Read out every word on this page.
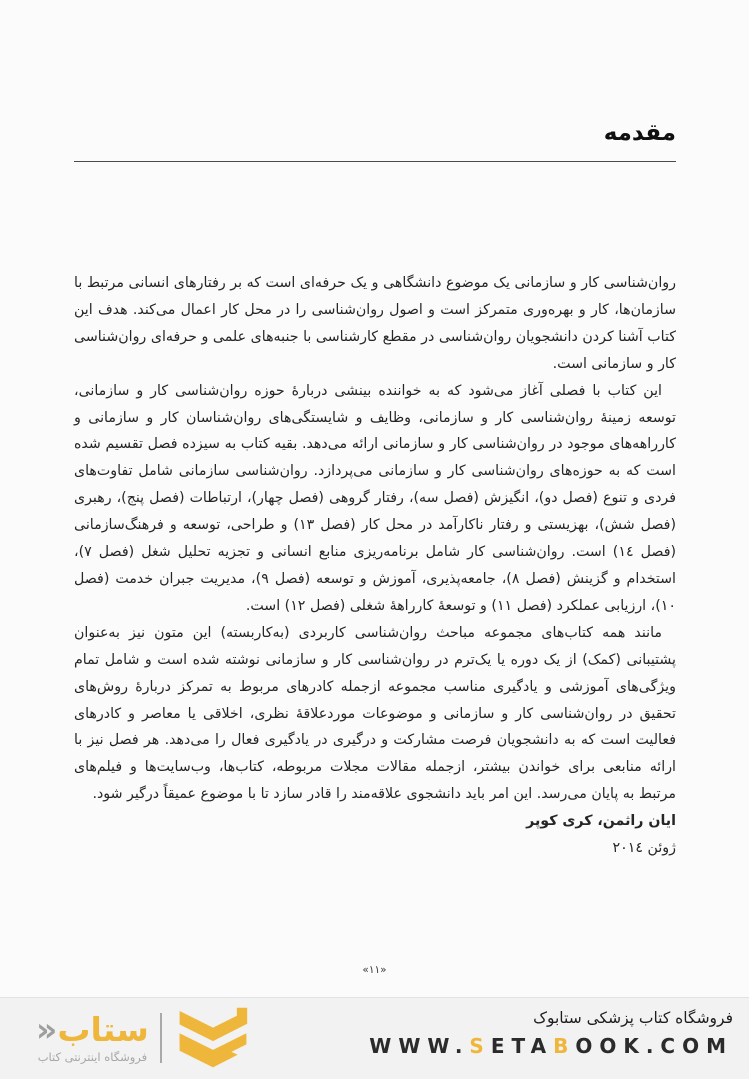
مقدمه

روان‌شناسی کار و سازمانی یک موضوع دانشگاهی و یک حرفه‌ای است که بر رفتارهای انسانی مرتبط با سازمان‌ها، کار و بهره‌وری متمرکز است و اصول روان‌شناسی را در محل کار اعمال می‌کند. هدف این کتاب آشنا کردن دانشجویان روان‌شناسی در مقطع کارشناسی با جنبه‌های علمی و حرفه‌ای روان‌شناسی کار و سازمانی است.

این کتاب با فصلی آغاز می‌شود که به خواننده بینشی دربارهٔ حوزه روان‌شناسی کار و سازمانی، توسعه زمینهٔ روان‌شناسی کار و سازمانی، وظایف و شایستگی‌های روان‌شناسان کار و سازمانی و کارراهه‌های موجود در روان‌شناسی کار و سازمانی ارائه می‌دهد. بقیه کتاب به سیزده فصل تقسیم شده است که به حوزه‌های روان‌شناسی کار و سازمانی می‌پردازد. روان‌شناسی سازمانی شامل تفاوت‌های فردی و تنوع (فصل دو)، انگیزش (فصل سه)، رفتار گروهی (فصل چهار)، ارتباطات (فصل پنج)، رهبری (فصل شش)، بهزیستی و رفتار ناکارآمد در محل کار (فصل ۱۳) و طراحی، توسعه و فرهنگ‌سازمانی (فصل ۱٤) است. روان‌شناسی کار شامل برنامه‌ریزی منابع انسانی و تجزیه تحلیل شغل (فصل ۷)، استخدام و گزینش (فصل ۸)، جامعه‌پذیری، آموزش و توسعه (فصل ۹)، مدیریت جبران خدمت (فصل ۱۰)، ارزیابی عملکرد (فصل ۱۱) و توسعهٔ کارراههٔ شغلی (فصل ۱۲) است.

مانند همه کتاب‌های مجموعه مباحث روان‌شناسی کاربردی (به‌کاربسته) این متون نیز به‌عنوان پشتیبانی (کمک) از یک دوره یا یک‌ترم در روان‌شناسی کار و سازمانی نوشته شده است و شامل تمام ویژگی‌های آموزشی و یادگیری مناسب مجموعه ازجمله کادرهای مربوط به تمرکز دربارهٔ روش‌های تحقیق در روان‌شناسی کار و سازمانی و موضوعات موردعلاقهٔ نظری، اخلاقی یا معاصر و کادرهای فعالیت است که به دانشجویان فرصت مشارکت و درگیری در یادگیری فعال را می‌دهد. هر فصل نیز با ارائه منابعی برای خواندن بیشتر، ازجمله مقالات مجلات مربوطه، کتاب‌ها، وب‌سایت‌ها و فیلم‌های مرتبط به پایان می‌رسد. این امر باید دانشجوی علاقه‌مند را قادر سازد تا با موضوع عمیقاً درگیر شود.

ایان راثمن، کری کوپر

ژوئن ۲۰۱٤

«۱۱»
ستاب«
فروشگاه اینترنتی کتاب
فروشگاه کتاب پزشکی ستابوک
WWW.SETABOOK.COM
